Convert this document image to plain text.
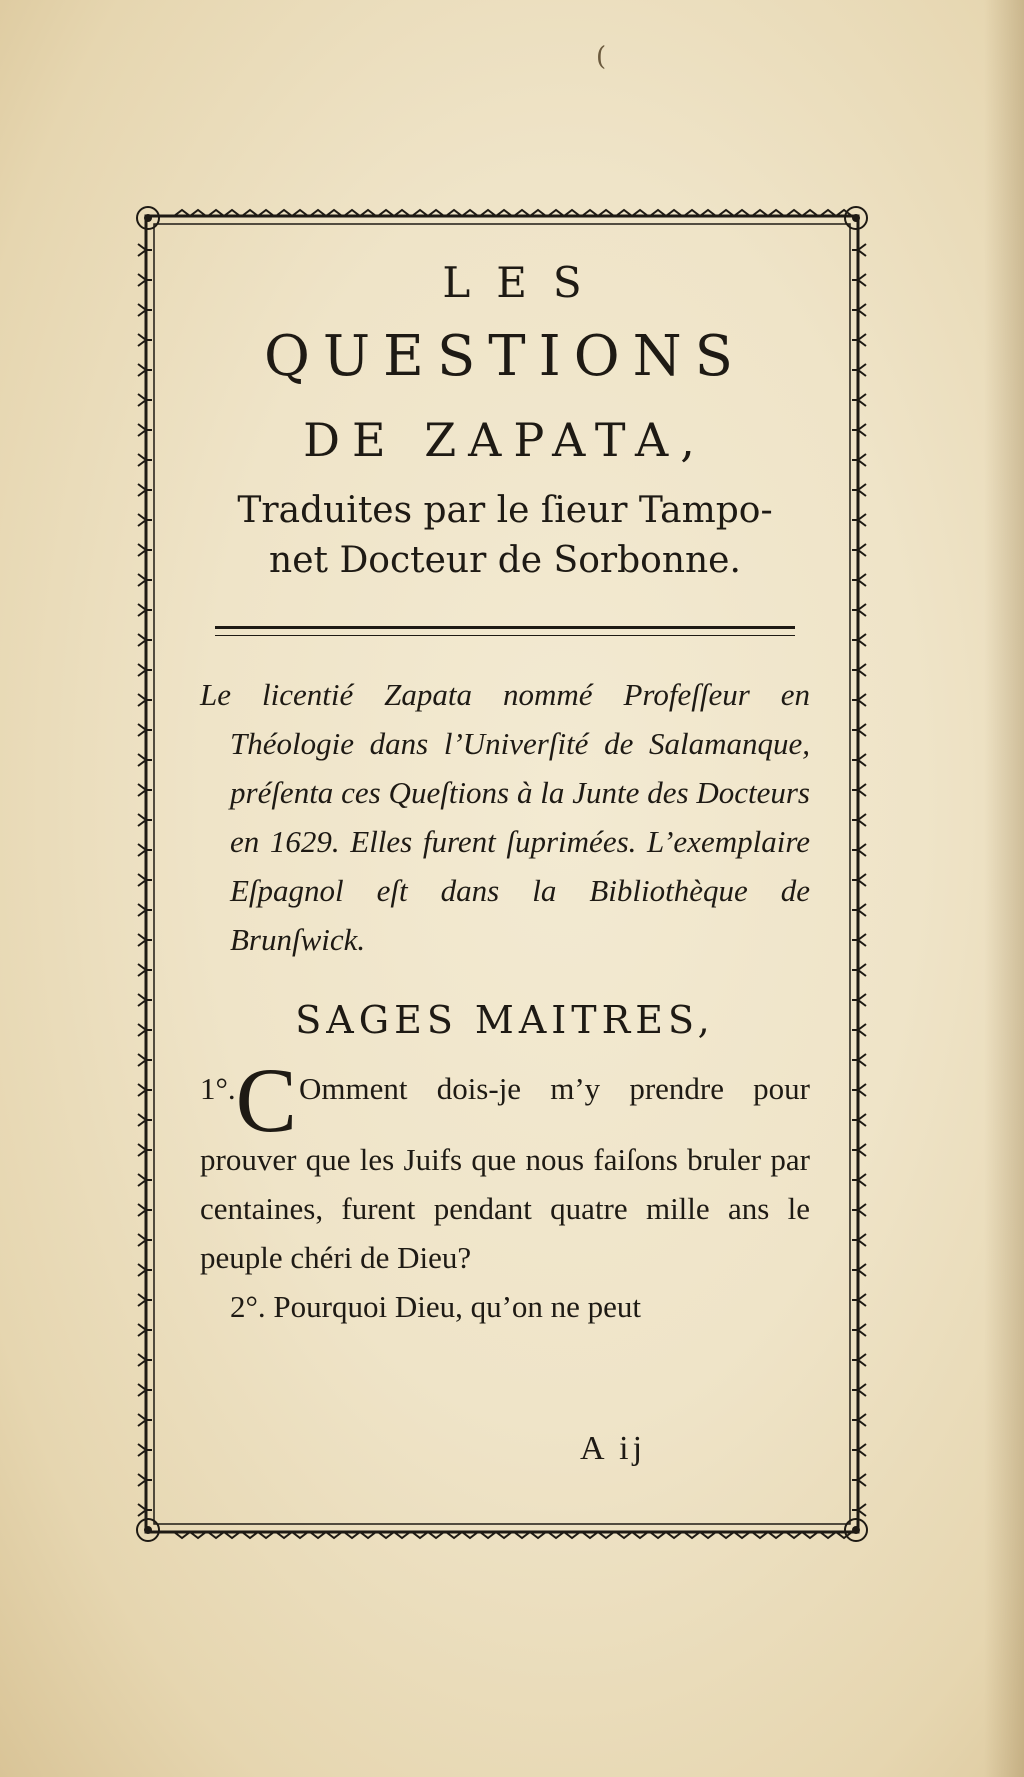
(
LES
QUESTIONS
DE ZAPATA,
Traduites par le ſieur Tampo-
net Docteur de Sorbonne.

Le licentié Zapata nommé Profeſſeur en Théologie dans l’Univerſité de Salamanque, préſenta ces Queſtions à la Junte des Docteurs en 1629. Elles furent ſuprimées. L’exemplaire Eſpagnol eſt dans la Bibliothèque de Brunſwick.

SAGES MAITRES,

1°.COmment dois-je m’y prendre pour prouver que les Juifs que nous faiſons bruler par centaines, furent pendant quatre mille ans le peuple chéri de Dieu?

2°. Pourquoi Dieu, qu’on ne peut

A ij
